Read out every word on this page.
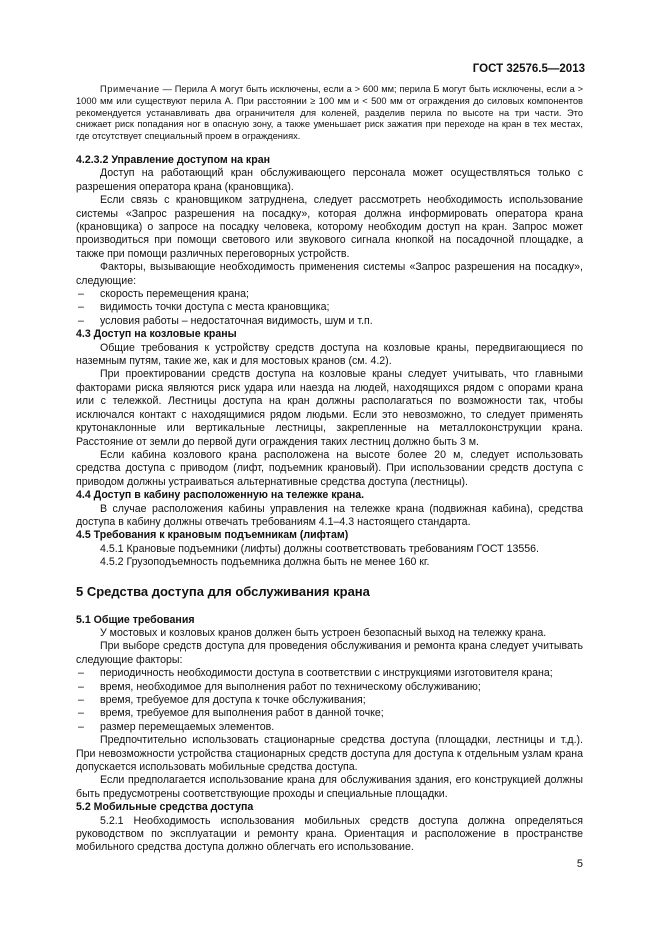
ГОСТ 32576.5—2013

Примечание — Перила А могут быть исключены, если a > 600 мм; перила Б могут быть исключены, если a > 1000 мм или существуют перила А. При расстоянии ≥ 100 мм и < 500 мм от ограждения до силовых компонентов рекомендуется устанавливать два ограничителя для коленей, разделив перила по высоте на три части. Это снижает риск попадания ног в опасную зону, а также уменьшает риск зажатия при переходе на кран в тех местах, где отсутствует специальный проем в ограждениях.

4.2.3.2 Управление доступом на кран

Доступ на работающий кран обслуживающего персонала может осуществляться только с разрешения оператора крана (крановщика).

Если связь с крановщиком затруднена, следует рассмотреть необходимость использование системы «Запрос разрешения на посадку», которая должна информировать оператора крана (крановщика) о запросе на посадку человека, которому необходим доступ на кран. Запрос может производиться при помощи светового или звукового сигнала кнопкой на посадочной площадке, а также при помощи различных переговорных устройств.

Факторы, вызывающие необходимость применения системы «Запрос разрешения на посадку», следующие:

– скорость перемещения крана;
– видимость точки доступа с места крановщика;
– условия работы – недостаточная видимость, шум и т.п.
4.3 Доступ на козловые краны

Общие требования к устройству средств доступа на козловые краны, передвигающиеся по наземным путям, такие же, как и для мостовых кранов (см. 4.2).

При проектировании средств доступа на козловые краны следует учитывать, что главными факторами риска являются риск удара или наезда на людей, находящихся рядом с опорами крана или с тележкой. Лестницы доступа на кран должны располагаться по возможности так, чтобы исключался контакт с находящимися рядом людьми. Если это невозможно, то следует применять крутонаклонные или вертикальные лестницы, закрепленные на металлоконструкции крана. Расстояние от земли до первой дуги ограждения таких лестниц должно быть 3 м.

Если кабина козлового крана расположена на высоте более 20 м, следует использовать средства доступа с приводом (лифт, подъемник крановый). При использовании средств доступа с приводом должны устраиваться альтернативные средства доступа (лестницы).

4.4 Доступ в кабину расположенную на тележке крана.

В случае расположения кабины управления на тележке крана (подвижная кабина), средства доступа в кабину должны отвечать требованиям 4.1–4.3 настоящего стандарта.

4.5 Требования к крановым подъемникам (лифтам)

4.5.1 Крановые подъемники (лифты) должны соответствовать требованиям ГОСТ 13556.

4.5.2 Грузоподъемность подъемника должна быть не менее 160 кг.

5 Средства доступа для обслуживания крана
5.1 Общие требования

У мостовых и козловых кранов должен быть устроен безопасный выход на тележку крана.

При выборе средств доступа для проведения обслуживания и ремонта крана следует учитывать следующие факторы:

– периодичность необходимости доступа в соответствии с инструкциями изготовителя крана;
– время, необходимое для выполнения работ по техническому обслуживанию;
– время, требуемое для доступа к точке обслуживания;
– время, требуемое для выполнения работ в данной точке;
– размер перемещаемых элементов.

Предпочтительно использовать стационарные средства доступа (площадки, лестницы и т.д.). При невозможности устройства стационарных средств доступа для доступа к отдельным узлам крана допускается использовать мобильные средства доступа.

Если предполагается использование крана для обслуживания здания, его конструкцией должны быть предусмотрены соответствующие проходы и специальные площадки.

5.2 Мобильные средства доступа

5.2.1 Необходимость использования мобильных средств доступа должна определяться руководством по эксплуатации и ремонту крана. Ориентация и расположение в пространстве мобильного средства доступа должно облегчать его использование.

5
